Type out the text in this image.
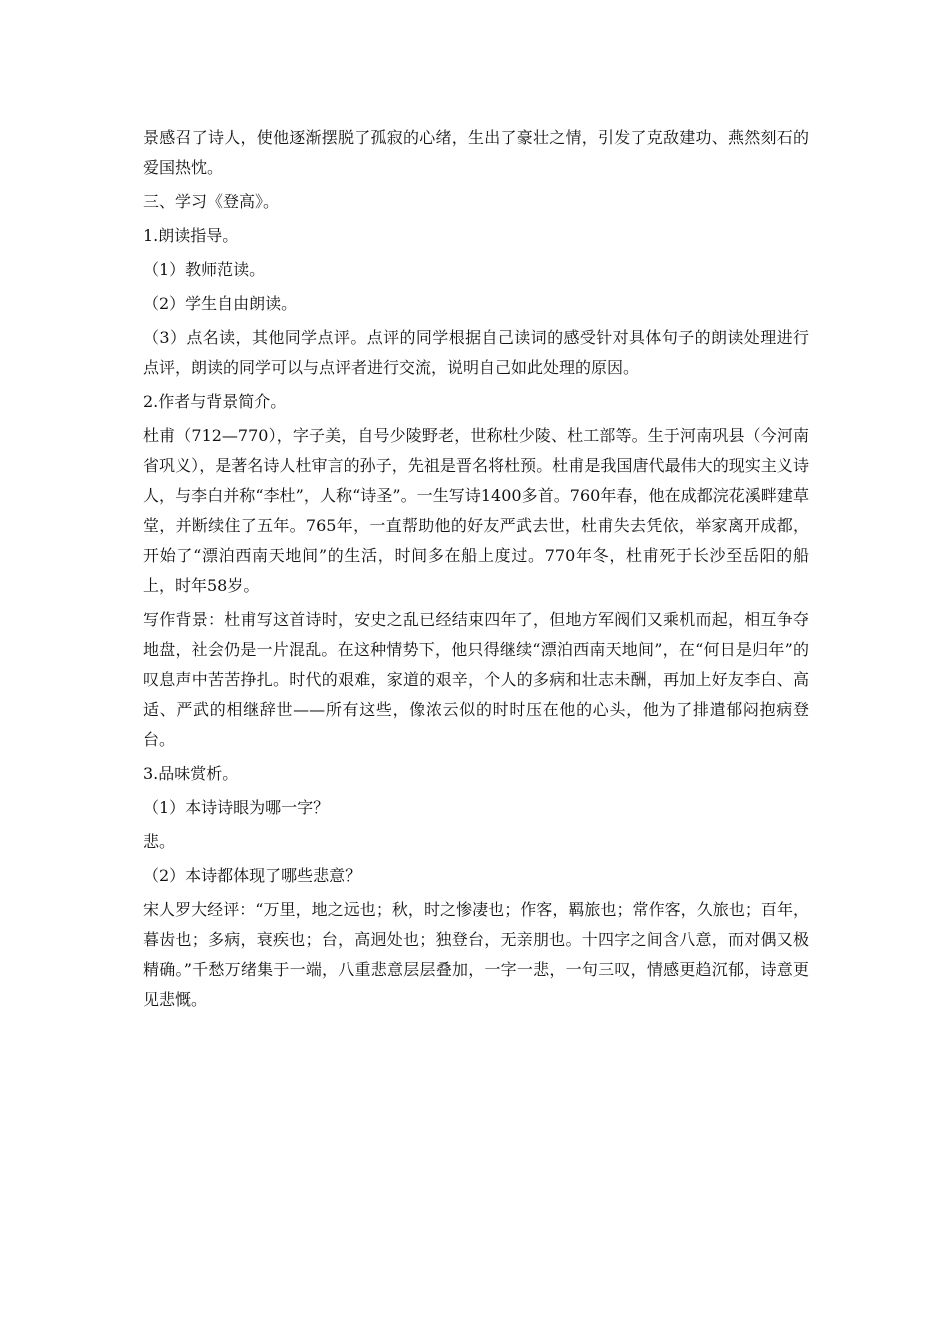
景感召了诗人，使他逐渐摆脱了孤寂的心绪，生出了豪壮之情，引发了克敌建功、燕然刻石的爱国热忱。

三、学习《登高》。

1.朗读指导。

（1）教师范读。

（2）学生自由朗读。

（3）点名读，其他同学点评。点评的同学根据自己读词的感受针对具体句子的朗读处理进行点评，朗读的同学可以与点评者进行交流，说明自己如此处理的原因。

2.作者与背景简介。

杜甫（712—770），字子美，自号少陵野老，世称杜少陵、杜工部等。生于河南巩县（今河南省巩义），是著名诗人杜审言的孙子，先祖是晋名将杜预。杜甫是我国唐代最伟大的现实主义诗人，与李白并称“李杜”，人称“诗圣”。一生写诗1400多首。760年春，他在成都浣花溪畔建草堂，并断续住了五年。765年，一直帮助他的好友严武去世，杜甫失去凭依，举家离开成都，开始了“漂泊西南天地间”的生活，时间多在船上度过。770年冬，杜甫死于长沙至岳阳的船上，时年58岁。

写作背景：杜甫写这首诗时，安史之乱已经结束四年了，但地方军阀们又乘机而起，相互争夺地盘，社会仍是一片混乱。在这种情势下，他只得继续“漂泊西南天地间”，在“何日是归年”的叹息声中苦苦挣扎。时代的艰难，家道的艰辛，个人的多病和壮志未酬，再加上好友李白、高适、严武的相继辞世——所有这些，像浓云似的时时压在他的心头，他为了排遣郁闷抱病登台。

3.品味赏析。

（1）本诗诗眼为哪一字？

悲。

（2）本诗都体现了哪些悲意？

宋人罗大经评：“万里，地之远也；秋，时之惨凄也；作客，羁旅也；常作客，久旅也；百年，暮齿也；多病，衰疾也；台，高迥处也；独登台，无亲朋也。十四字之间含八意，而对偶又极精确。”千愁万绪集于一端，八重悲意层层叠加，一字一悲，一句三叹，情感更趋沉郁，诗意更见悲慨。
